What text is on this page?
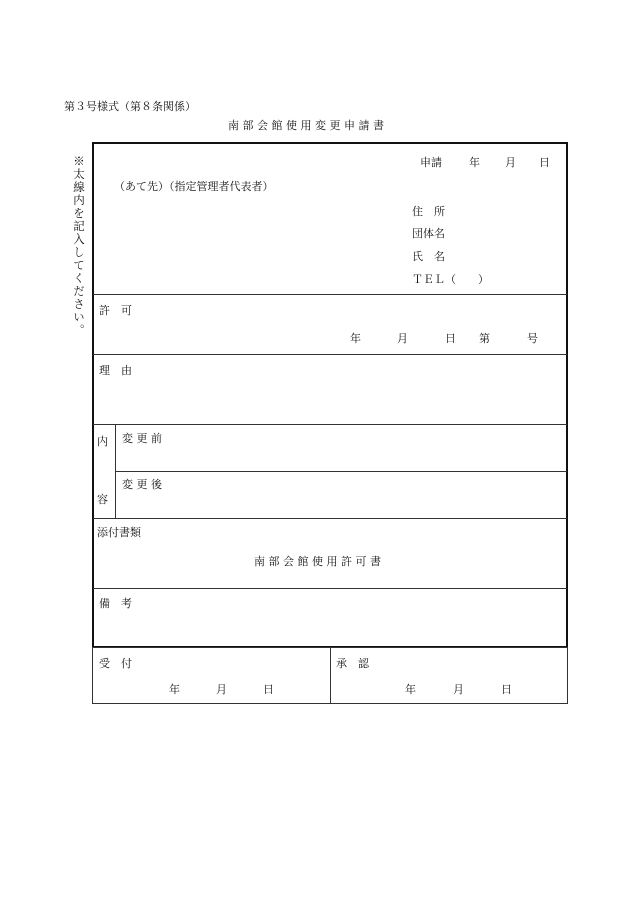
第３号様式（第８条関係）
南 部 会 館 使 用 変 更 申 請 書
※太線内を記入してください。	申請 年 月 日
（あて先）（指定管理者代表者）
住　所
団体名
氏　名
ＴＥＬ（　　）
許　可
年	月	日 第	号
理　由
内
容
変 更 前
変 更 後
添付書類
南 部 会 館 使 用 許 可 書
備　考
受　付
年	月	日
承　認
年	月	日
